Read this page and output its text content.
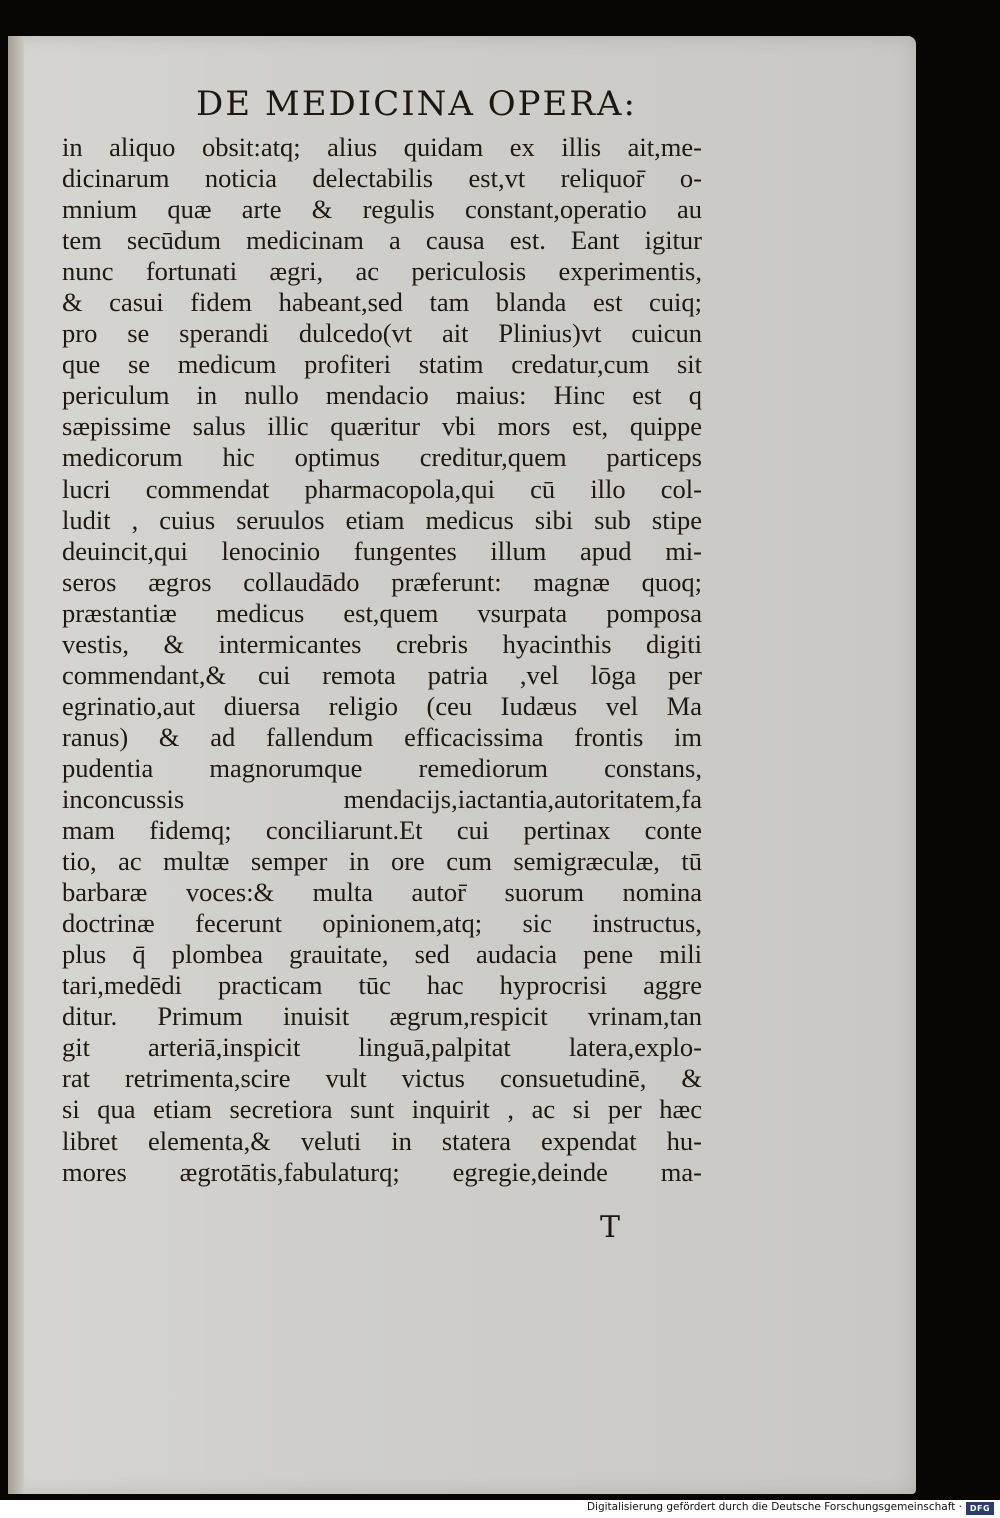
DE MEDICINA OPERA:
in aliquo obsit:atq; alius quidam ex illis ait,me-
dicinarum noticia delectabilis est,vt reliquor̄ o-
mnium quæ arte & regulis constant,operatio au
tem secūdum medicinam a causa est. Eant igitur
nunc fortunati ægri, ac periculosis experimentis,
& casui fidem habeant,sed tam blanda est cuiq;
pro se sperandi dulcedo(vt ait Plinius)vt cuicun
que se medicum profiteri statim credatur,cum sit
periculum in nullo mendacio maius: Hinc est q
sæpissime salus illic quæritur vbi mors est, quippe
medicorum hic optimus creditur,quem particeps
lucri commendat pharmacopola,qui cū illo col-
ludit , cuius seruulos etiam medicus sibi sub stipe
deuincit,qui lenocinio fungentes illum apud mi-
seros ægros collaudādo præferunt: magnæ quoq;
præstantiæ medicus est,quem vsurpata pomposa
vestis, & intermicantes crebris hyacinthis digiti
commendant,& cui remota patria ,vel lōga per
egrinatio,aut diuersa religio (ceu Iudæus vel Ma
ranus) & ad fallendum efficacissima frontis im
pudentia magnorumque remediorum constans,
inconcussis mendacijs,iactantia,autoritatem,fa
mam fidemq; conciliarunt.Et cui pertinax conte
tio, ac multæ semper in ore cum semigræculæ, tū
barbaræ voces:& multa autor̄ suorum nomina
doctrinæ fecerunt opinionem,atq; sic instructus,
plus q̄ plombea grauitate, sed audacia pene mili
tari,medēdi practicam tūc hac hyprocrisi aggre
ditur. Primum inuisit ægrum,respicit vrinam,tan
git arteriā,inspicit linguā,palpitat latera,explo-
rat retrimenta,scire vult victus consuetudinē, &
si qua etiam secretiora sunt inquirit , ac si per hæc
libret elementa,& veluti in statera expendat hu-
mores ægrotātis,fabulaturq; egregie,deinde ma-
T
Digitalisierung gefördert durch die Deutsche Forschungsgemeinschaft · DFG
